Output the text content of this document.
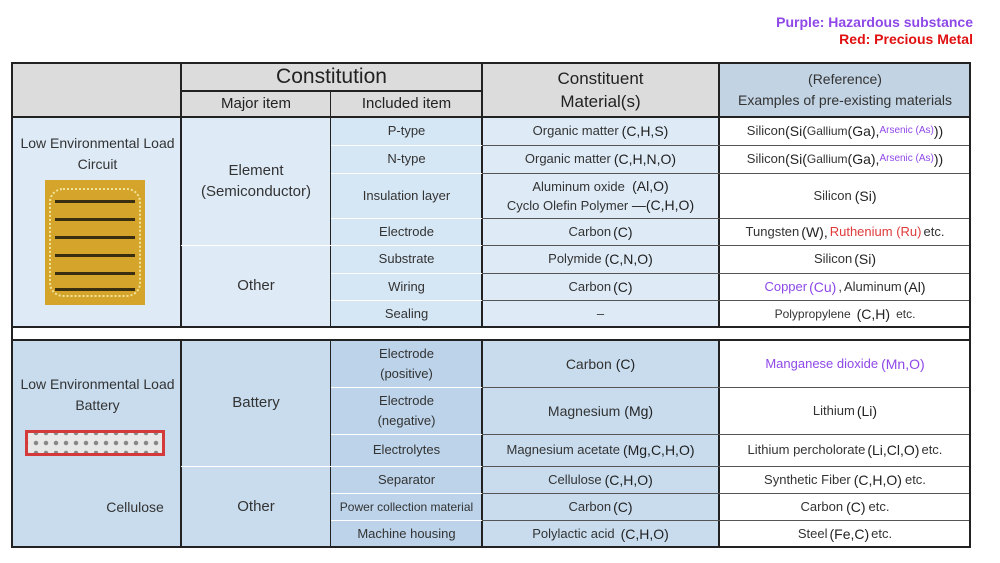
Purple: Hazardous substance
Red: Precious Metal
Constitution
Major item	Included item
Constituent
Material(s)
(Reference)
Examples of pre-existing materials
Low Environmental Load Circuit	Element (Semiconductor)
Other
P-type
N-type
Insulation layer
Electrode
Substrate
Wiring
Sealing
Organic matter (C,H,S)
Organic matter (C,H,N,O)
Aluminum oxide (Al,O)
Cyclo Olefin Polymer —(C,H,O)
Carbon (C)
Polymide (C,N,O)
Carbon (C)
–
Silicon (Si( Gallium (Ga), Arsenic (As) ))
Silicon (Si( Gallium (Ga), Arsenic (As) ))
Silicon (Si)
Tungsten (W), Ruthenium (Ru) etc.
Silicon (Si)
Copper (Cu) , Aluminum (Al)
Polypropylene (C,H) etc.
Low Environmental Load Battery
Cellulose
Battery
Other
Electrode (positive)
Electrode (negative)
Electrolytes
Separator
Power collection material
Machine housing
Carbon (C)
Magnesium (Mg)
Magnesium acetate (Mg,C,H,O)
Cellulose (C,H,O)
Carbon (C)
Polylactic acid (C,H,O)
Manganese dioxide (Mn,O)
Lithium (Li)
Lithium percholorate (Li,Cl,O) etc.
Synthetic Fiber (C,H,O) etc.
Carbon (C) etc.
Steel (Fe,C) etc.
